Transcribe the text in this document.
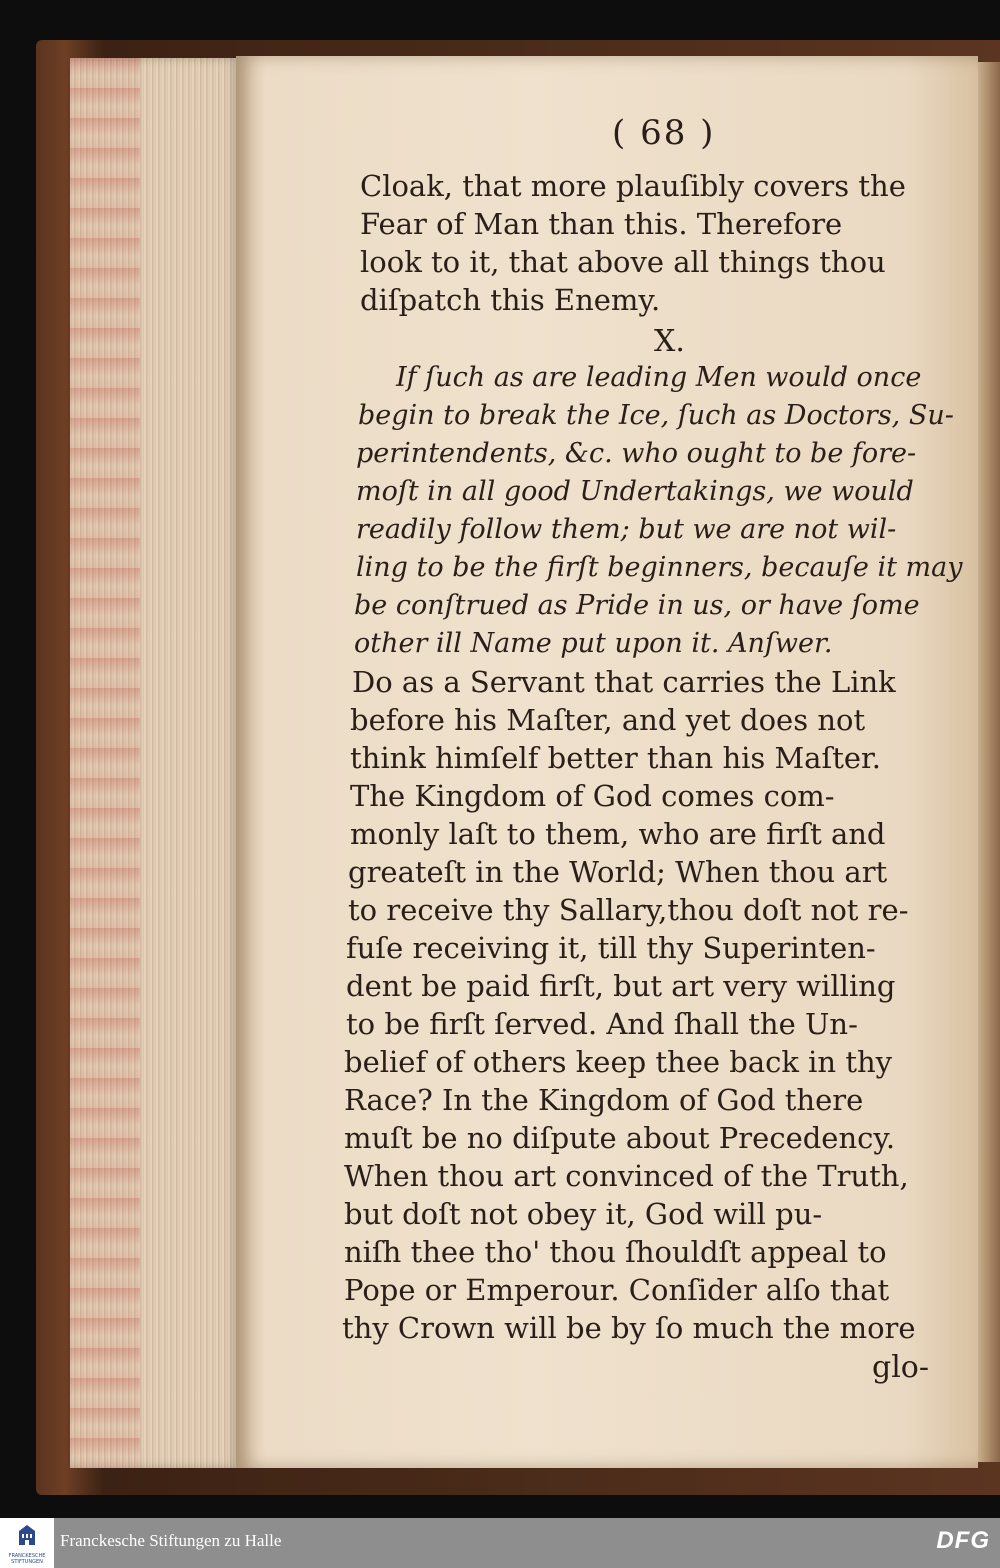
( 68 )
Cloak, that more plauſibly covers the
Fear of Man than this. Therefore
look to it, that above all things thou
diſpatch this Enemy.
If ſuch as are leading Men would once
begin to break the Ice, ſuch as Doctors, Su-
perintendents, &c. who ought to be fore-
moſt in all good Undertakings, we would
readily follow them; but we are not wil-
ling to be the firſt beginners, becauſe it may
be conſtrued as Pride in us, or have ſome
other ill Name put upon it. Anſwer.
Do as a Servant that carries the Link
before his Maſter, and yet does not
think himſelf better than his Maſter.
The Kingdom of God comes com-
monly laſt to them, who are firſt and
greateſt in the World; When thou art
to receive thy Sallary,thou doſt not re-
fuſe receiving it, till thy Superinten-
dent be paid firſt, but art very willing
to be firſt ſerved. And ſhall the Un-
belief of others keep thee back in thy
Race? In the Kingdom of God there
muſt be no diſpute about Precedency.
When thou art convinced of the Truth,
but doſt not obey it, God will pu-
niſh thee tho' thou ſhouldſt appeal to
Pope or Emperour. Conſider alſo that
thy Crown will be by ſo much the more
X.
glo-
FRANCKESCHE STIFTUNGEN
Franckesche Stiftungen zu Halle	DFG
